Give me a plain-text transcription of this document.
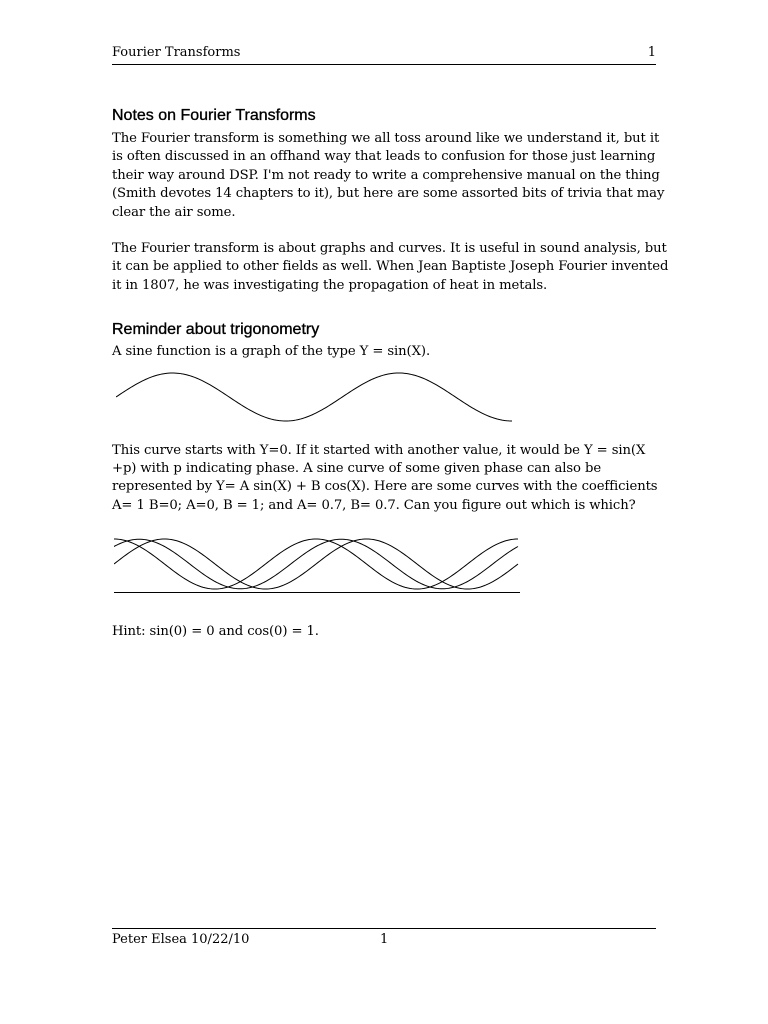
Fourier Transforms	1
Notes on Fourier Transforms

The Fourier transform is something we all toss around like we understand it, but it is often discussed in an offhand way that leads to confusion for those just learning their way around DSP. I'm not ready to write a comprehensive manual on the thing (Smith devotes 14 chapters to it), but here are some assorted bits of trivia that may clear the air some.

The Fourier transform is about graphs and curves. It is useful in sound analysis, but it can be applied to other fields as well. When Jean Baptiste Joseph Fourier invented it in 1807, he was investigating the propagation of heat in metals.

Reminder about trigonometry

A sine function is a graph of the type Y = sin(X).

This curve starts with Y=0. If it started with another value, it would be Y = sin(X +p) with p indicating phase. A sine curve of some given phase can also be represented by Y= A sin(X) + B cos(X). Here are some curves with the coefficients A= 1 B=0; A=0, B = 1; and A= 0.7, B= 0.7. Can you figure out which is which?

Hint: sin(0) = 0 and cos(0) = 1.

Peter Elsea 10/22/10	1
